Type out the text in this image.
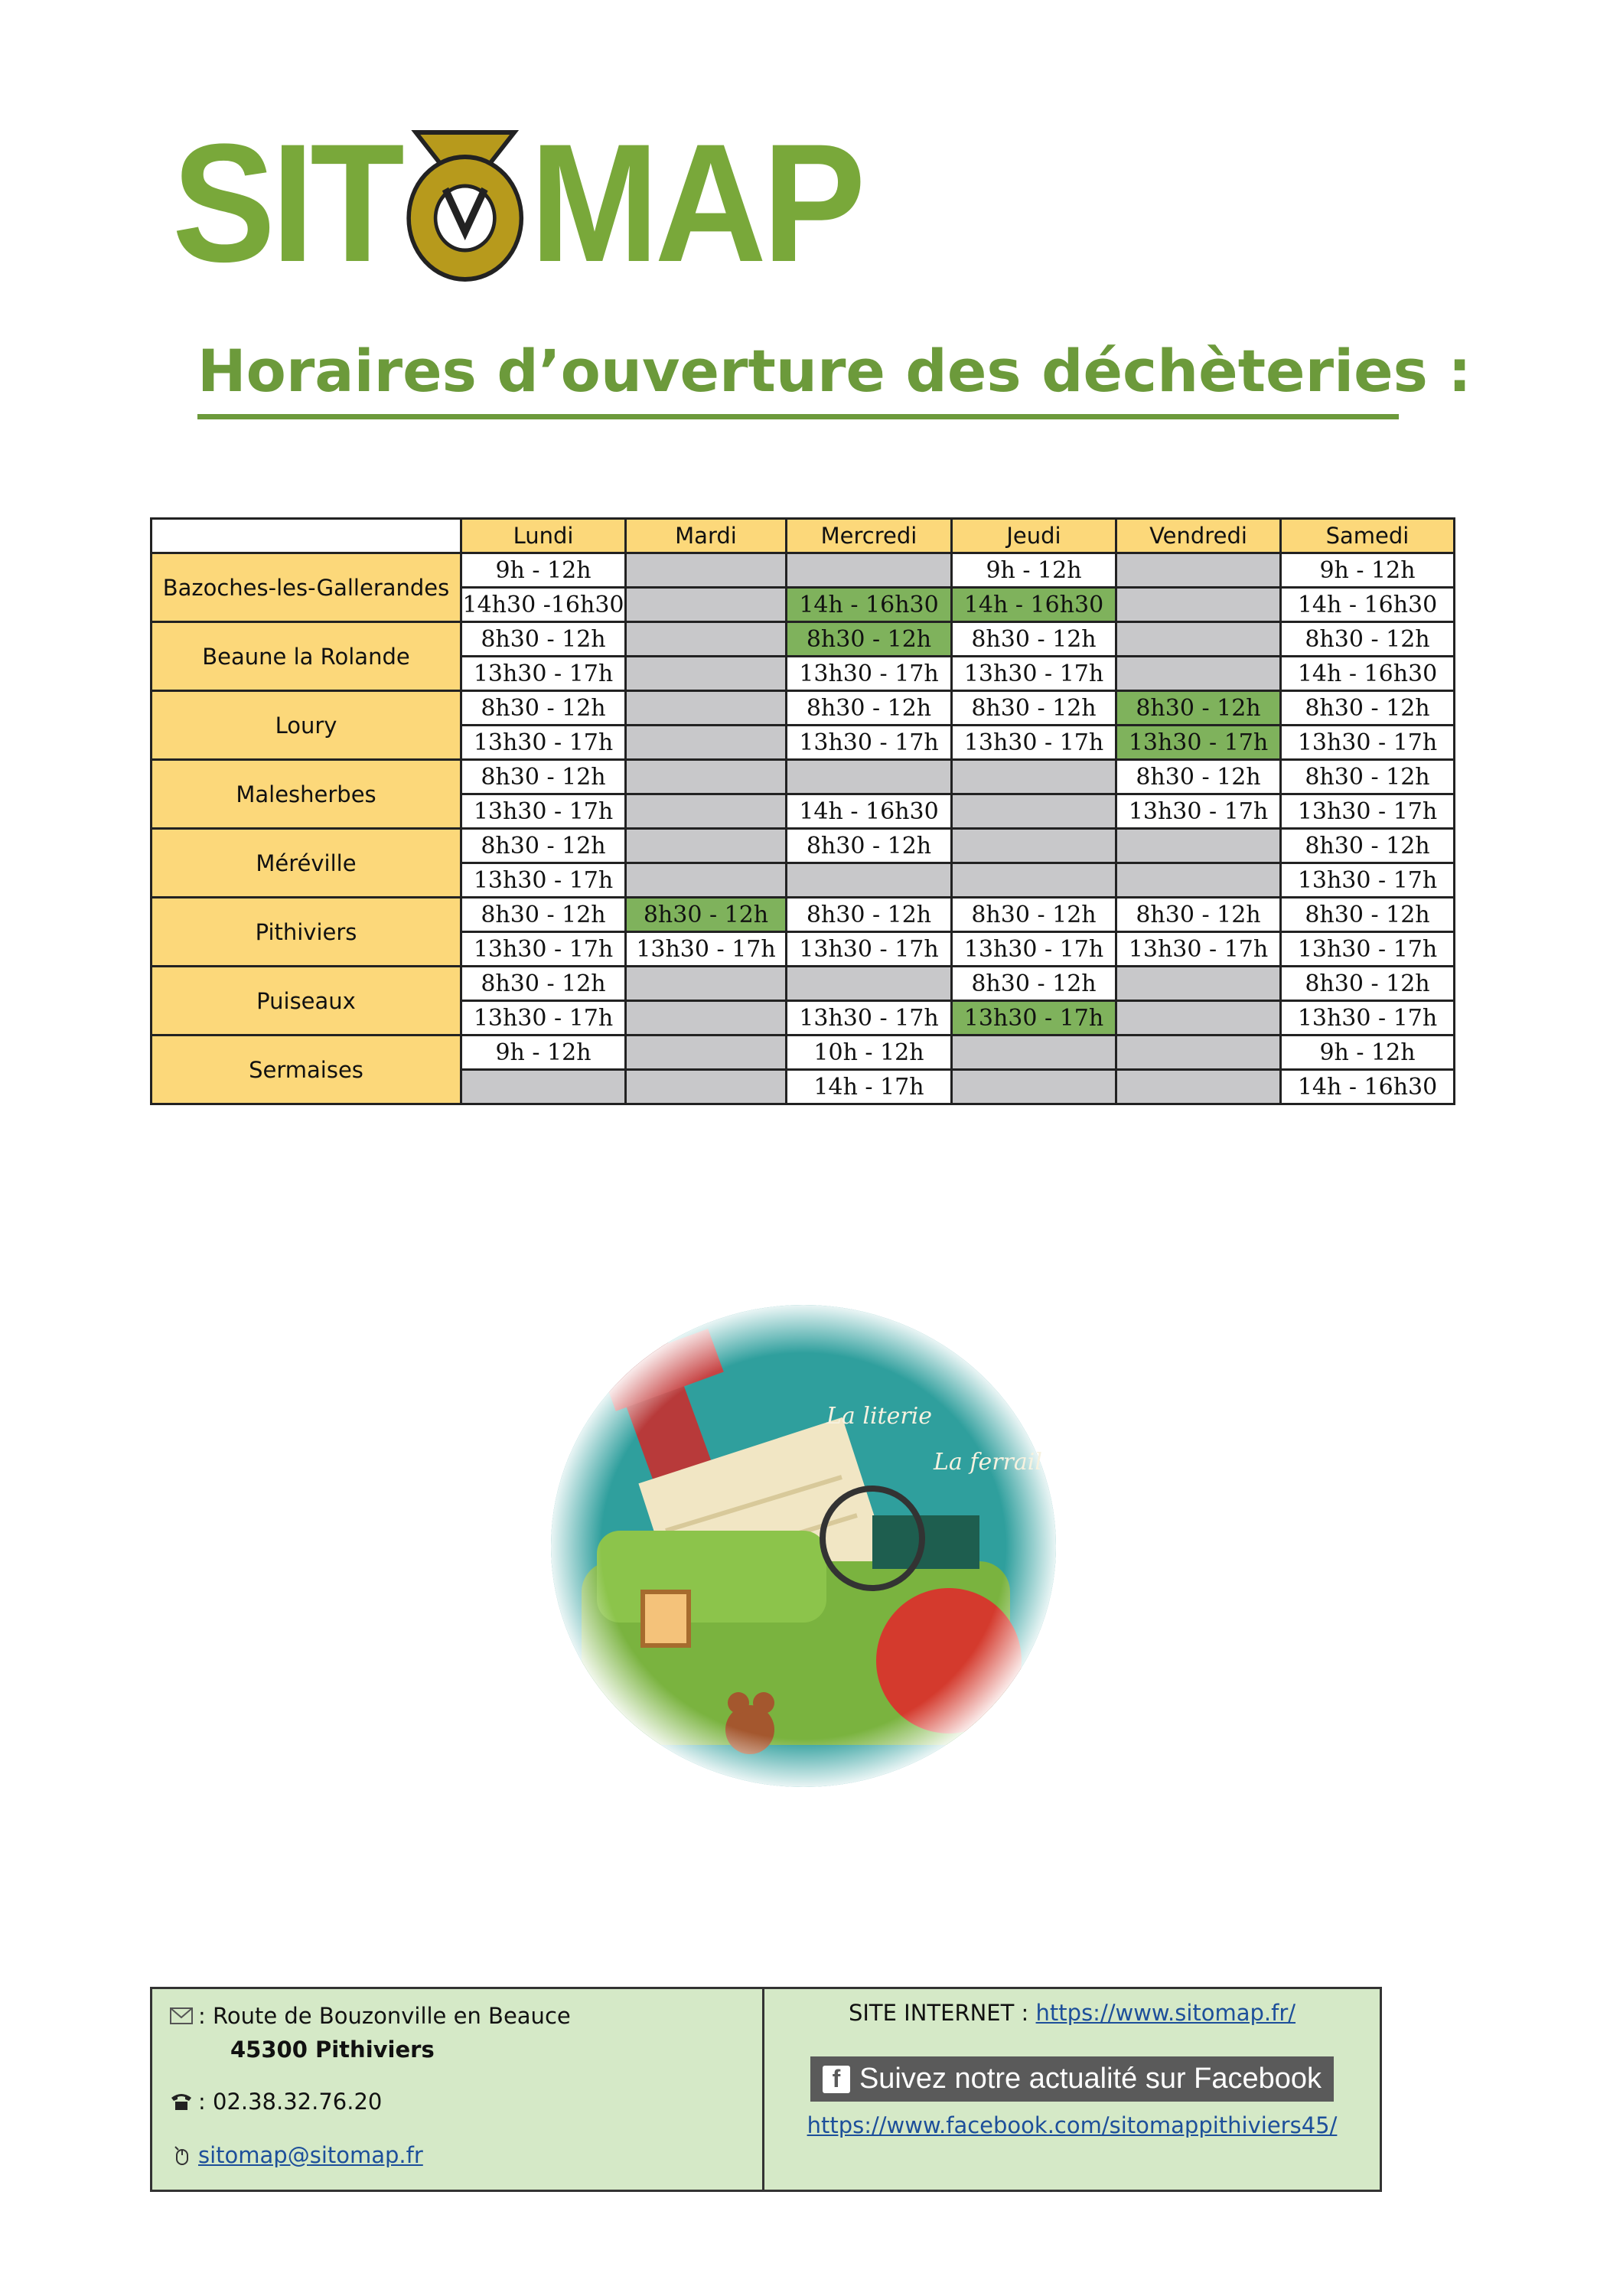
SIT MAP
Horaires d’ouverture des déchèteries :
	Lundi	Mardi	Mercredi	Jeudi	Vendredi	Samedi
Bazoches-les-Gallerandes	9h - 12h			9h - 12h		9h - 12h
	14h30 -16h30		14h - 16h30	14h - 16h30		14h - 16h30
Beaune la Rolande	8h30 - 12h		8h30 - 12h	8h30 - 12h		8h30 - 12h
	13h30 - 17h		13h30 - 17h	13h30 - 17h		14h - 16h30
Loury	8h30 - 12h		8h30 - 12h	8h30 - 12h	8h30 - 12h	8h30 - 12h
	13h30 - 17h		13h30 - 17h	13h30 - 17h	13h30 - 17h	13h30 - 17h
Malesherbes	8h30 - 12h				8h30 - 12h	8h30 - 12h
	13h30 - 17h		14h - 16h30		13h30 - 17h	13h30 - 17h
Méréville	8h30 - 12h		8h30 - 12h			8h30 - 12h
	13h30 - 17h					13h30 - 17h
Pithiviers	8h30 - 12h	8h30 - 12h	8h30 - 12h	8h30 - 12h	8h30 - 12h	8h30 - 12h
	13h30 - 17h	13h30 - 17h	13h30 - 17h	13h30 - 17h	13h30 - 17h	13h30 - 17h
Puiseaux	8h30 - 12h			8h30 - 12h		8h30 - 12h
	13h30 - 17h		13h30 - 17h	13h30 - 17h		13h30 - 17h
Sermaises	9h - 12h		10h - 12h			9h - 12h
			14h - 17h			14h - 16h30
La literie
La ferrail
: Route de Bouzonville en Beauce
45300 Pithiviers
: 02.38.32.76.20
sitomap@sitomap.fr
SITE INTERNET : https://www.sitomap.fr/
f Suivez notre actualité sur Facebook
https://www.facebook.com/sitomappithiviers45/
